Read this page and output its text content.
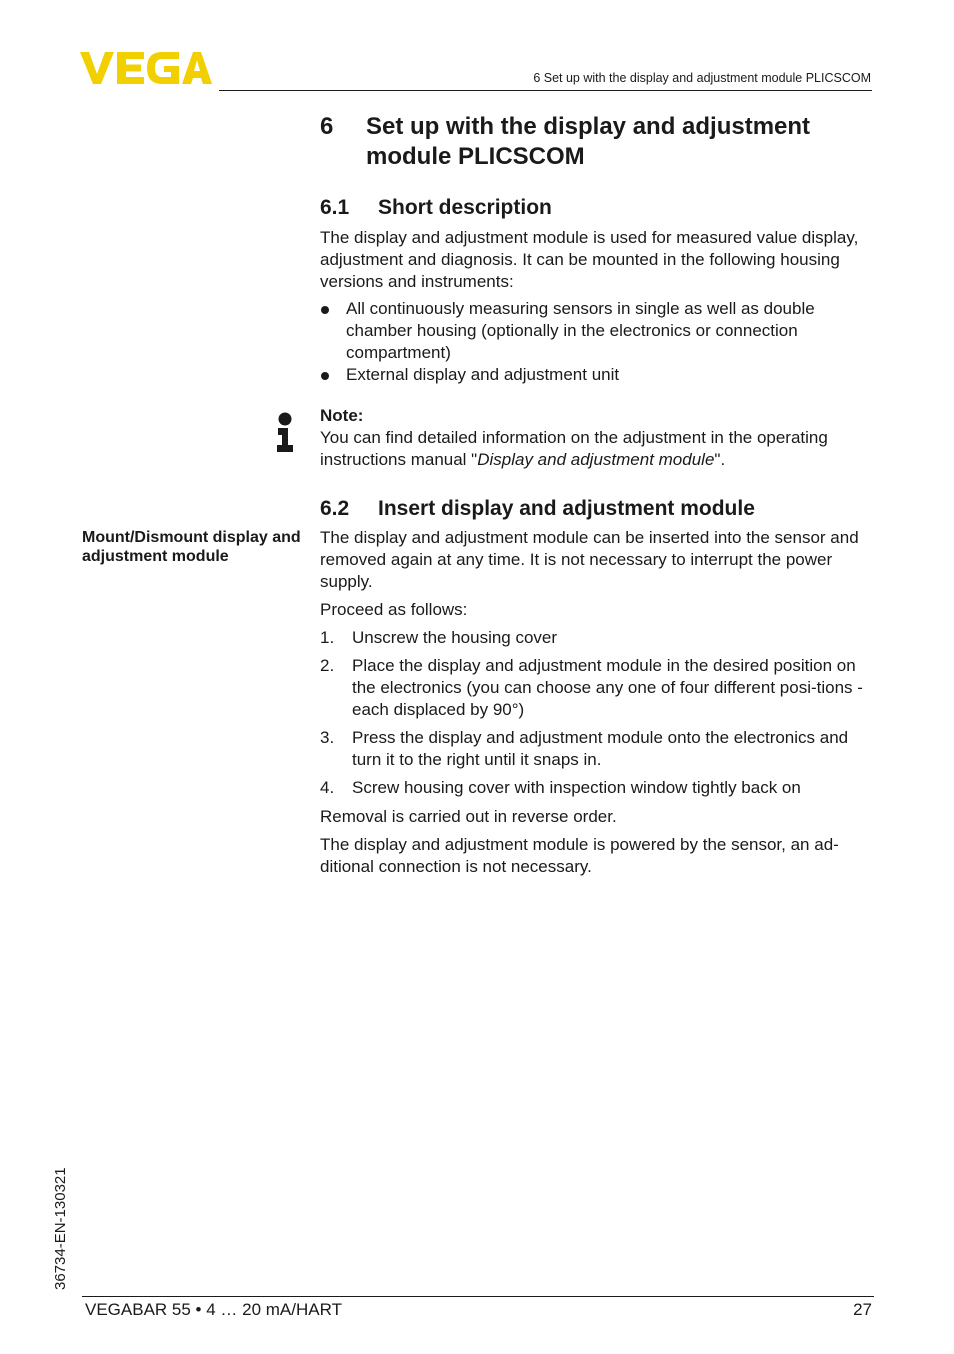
6 Set up with the display and adjustment module PLICSCOM
6 Set up with the display and adjustment module PLICSCOM
6.1 Short description
The display and adjustment module is used for measured value display, adjustment and diagnosis. It can be mounted in the following housing versions and instruments:
All continuously measuring sensors in single as well as double chamber housing (optionally in the electronics or connection compartment)
External display and adjustment unit
Note:
You can find detailed information on the adjustment in the operating instructions manual "Display and adjustment module".
6.2 Insert display and adjustment module
Mount/Dismount display and adjustment module
The display and adjustment module can be inserted into the sensor and removed again at any time. It is not necessary to interrupt the power supply.
Proceed as follows:
1. Unscrew the housing cover
2. Place the display and adjustment module in the desired position on the electronics (you can choose any one of four different posi-tions - each displaced by 90°)
3. Press the display and adjustment module onto the electronics and turn it to the right until it snaps in.
4. Screw housing cover with inspection window tightly back on
Removal is carried out in reverse order.
The display and adjustment module is powered by the sensor, an ad-ditional connection is not necessary.
36734-EN-130321
VEGABAR 55 • 4 … 20 mA/HART	27
